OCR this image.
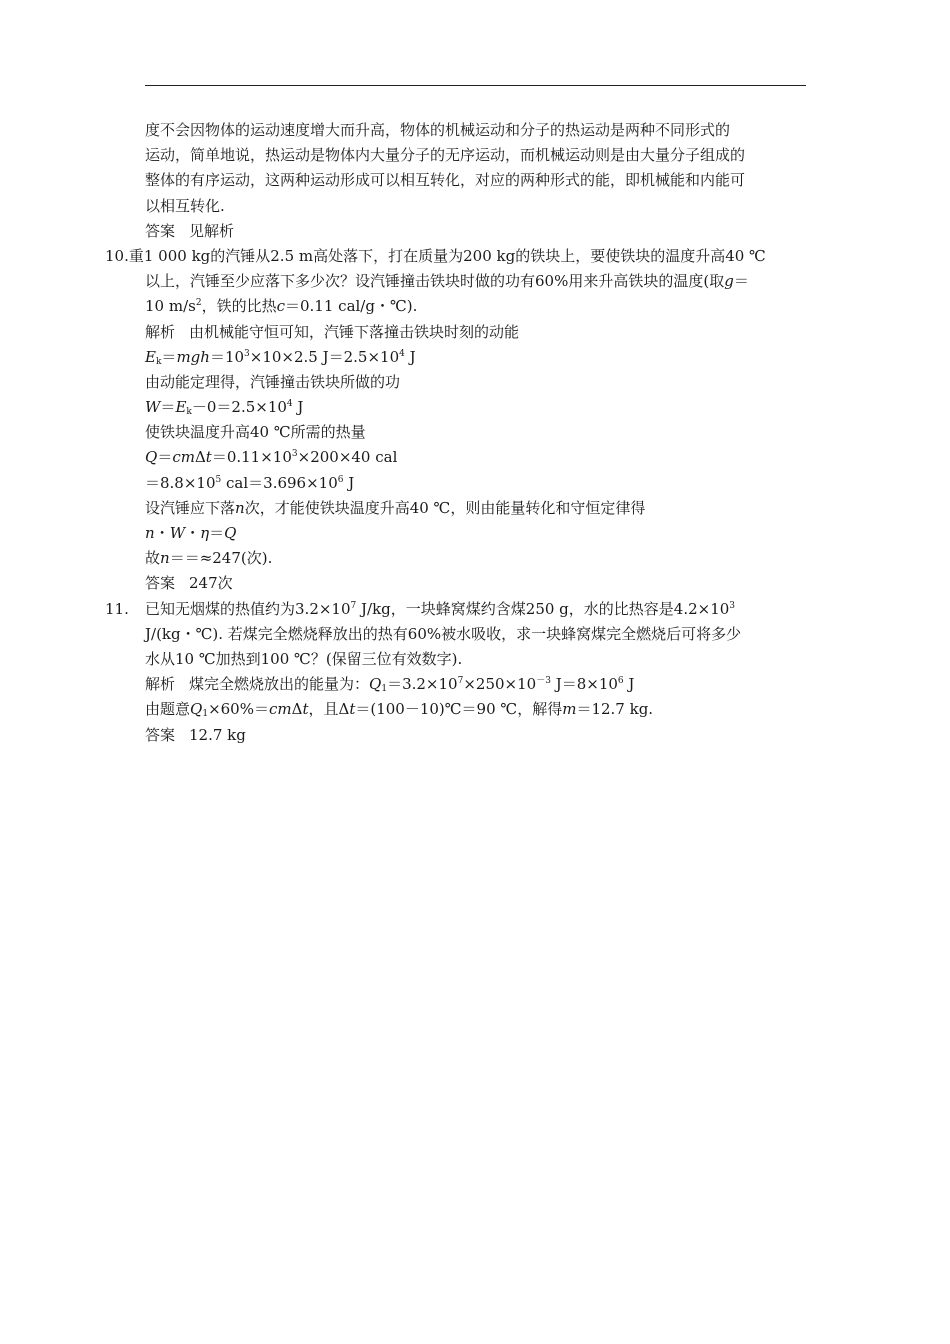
度不会因物体的运动速度增大而升高，物体的机械运动和分子的热运动是两种不同形式的
运动，简单地说，热运动是物体内大量分子的无序运动，而机械运动则是由大量分子组成的
整体的有序运动，这两种运动形成可以相互转化，对应的两种形式的能，即机械能和内能可
以相互转化.
答案 见解析
10.重1 000 kg的汽锤从2.5 m高处落下，打在质量为200 kg的铁块上，要使铁块的温度升高40 ℃
以上，汽锤至少应落下多少次？设汽锤撞击铁块时做的功有60%用来升高铁块的温度(取g＝
10 $m/s^2$，铁的比热c＝0.11 cal/g・℃).
解析 由机械能守恒可知，汽锤下落撞击铁块时刻的动能
$E_k=mgh=10^3\times 10\times 2.5$ $J=2.5\times 10^4$ J
由动能定理得，汽锤撞击铁块所做的功
$W=E_k-0=2.5\times 10^4$ J
使铁块温度升高40 ℃所需的热量
$Q=cm\Delta t=0.11\times 10^3\times 200\times 40$ cal
$=8.8\times 10^5$ $cal=3.696\times 10^6$ J
设汽锤应下落n次，才能使铁块温度升高40 ℃，则由能量转化和守恒定律得
n・W・η＝Q
故n＝＝≈247(次).
答案 247次
11. 已知无烟煤的热值约为$3.2\times 10^7$ J/kg，一块蜂窝煤约含煤250 g，水的比热容是$4.2\times 10^3$
J/(kg・℃). 若煤完全燃烧释放出的热有60%被水吸收，求一块蜂窝煤完全燃烧后可将多少
水从10 ℃加热到100 ℃？(保留三位有效数字).
解析 煤完全燃烧放出的能量为：$Q_1=3.2\times 10^7\times 250\times 10^{-3}$ $J=8\times 10^6$ J
由题意$Q_1\times 60\%=cm\Delta t$，且Δt＝(100－10)℃＝90 ℃，解得m＝12.7 kg.
答案 12.7 kg
